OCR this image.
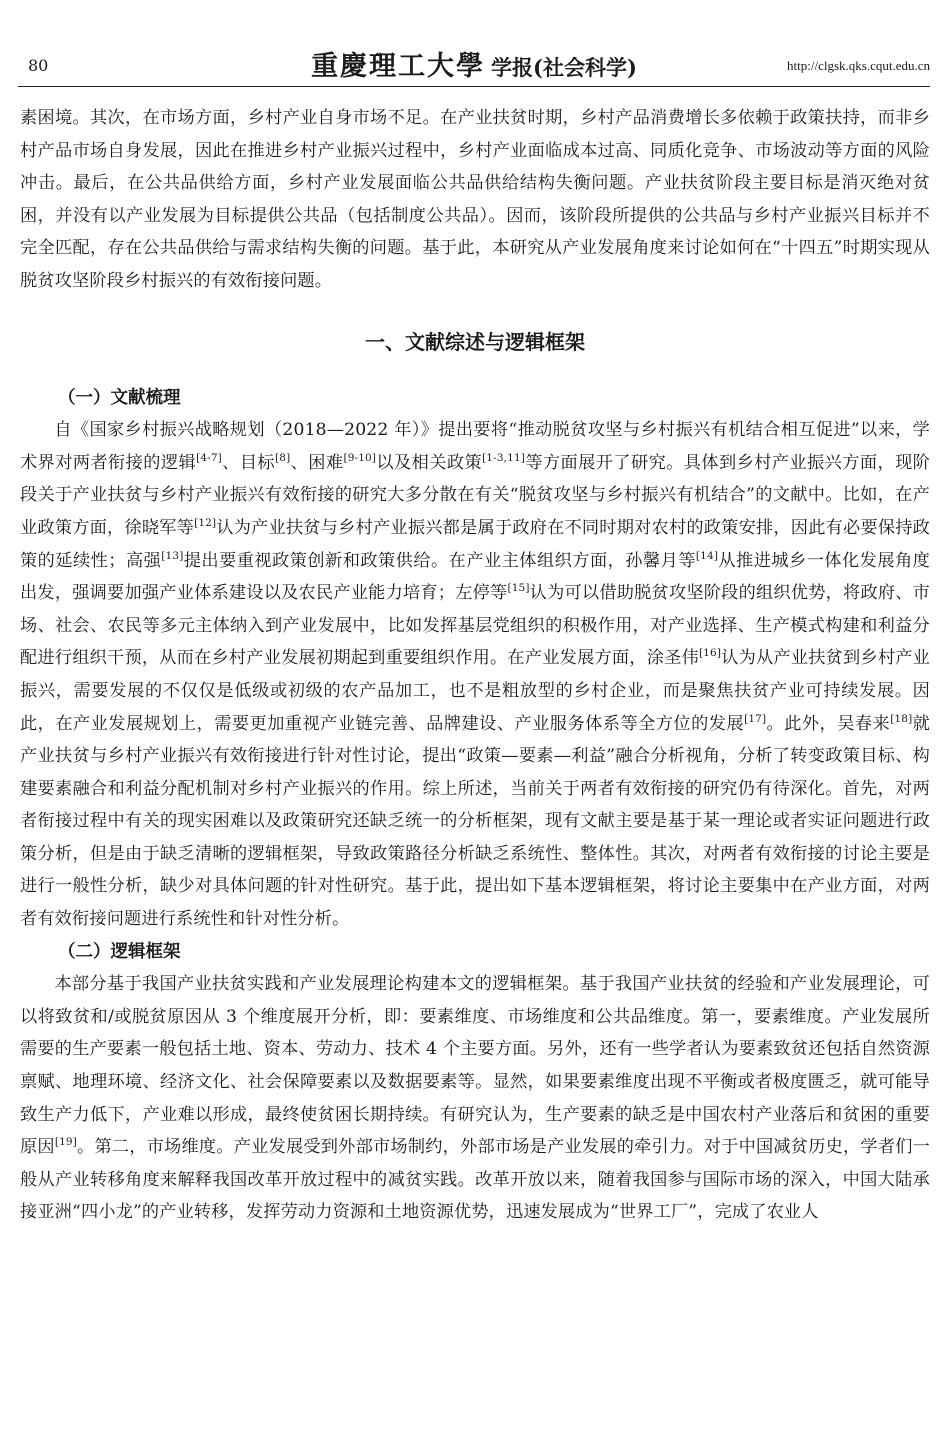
80	重慶理工大學 学报(社会科学)	http://clgsk.qks.cqut.edu.cn

素困境。其次，在市场方面，乡村产业自身市场不足。在产业扶贫时期，乡村产品消费增长多依赖于政策扶持，而非乡村产品市场自身发展，因此在推进乡村产业振兴过程中，乡村产业面临成本过高、同质化竞争、市场波动等方面的风险冲击。最后，在公共品供给方面，乡村产业发展面临公共品供给结构失衡问题。产业扶贫阶段主要目标是消灭绝对贫困，并没有以产业发展为目标提供公共品（包括制度公共品）。因而，该阶段所提供的公共品与乡村产业振兴目标并不完全匹配，存在公共品供给与需求结构失衡的问题。基于此，本研究从产业发展角度来讨论如何在“十四五”时期实现从脱贫攻坚阶段乡村振兴的有效衔接问题。

一、文献综述与逻辑框架
（一）文献梳理

自《国家乡村振兴战略规划（2018—2022 年）》提出要将“推动脱贫攻坚与乡村振兴有机结合相互促进”以来，学术界对两者衔接的逻辑[4-7]、目标[8]、困难[9-10]以及相关政策[1-3,11]等方面展开了研究。具体到乡村产业振兴方面，现阶段关于产业扶贫与乡村产业振兴有效衔接的研究大多分散在有关“脱贫攻坚与乡村振兴有机结合”的文献中。比如，在产业政策方面，徐晓军等[12]认为产业扶贫与乡村产业振兴都是属于政府在不同时期对农村的政策安排，因此有必要保持政策的延续性；高强[13]提出要重视政策创新和政策供给。在产业主体组织方面，孙馨月等[14]从推进城乡一体化发展角度出发，强调要加强产业体系建设以及农民产业能力培育；左停等[15]认为可以借助脱贫攻坚阶段的组织优势，将政府、市场、社会、农民等多元主体纳入到产业发展中，比如发挥基层党组织的积极作用，对产业选择、生产模式构建和利益分配进行组织干预，从而在乡村产业发展初期起到重要组织作用。在产业发展方面，涂圣伟[16]认为从产业扶贫到乡村产业振兴，需要发展的不仅仅是低级或初级的农产品加工，也不是粗放型的乡村企业，而是聚焦扶贫产业可持续发展。因此，在产业发展规划上，需要更加重视产业链完善、品牌建设、产业服务体系等全方位的发展[17]。此外，吴春来[18]就产业扶贫与乡村产业振兴有效衔接进行针对性讨论，提出“政策—要素—利益”融合分析视角，分析了转变政策目标、构建要素融合和利益分配机制对乡村产业振兴的作用。综上所述，当前关于两者有效衔接的研究仍有待深化。首先，对两者衔接过程中有关的现实困难以及政策研究还缺乏统一的分析框架，现有文献主要是基于某一理论或者实证问题进行政策分析，但是由于缺乏清晰的逻辑框架，导致政策路径分析缺乏系统性、整体性。其次，对两者有效衔接的讨论主要是进行一般性分析，缺少对具体问题的针对性研究。基于此，提出如下基本逻辑框架，将讨论主要集中在产业方面，对两者有效衔接问题进行系统性和针对性分析。

（二）逻辑框架

本部分基于我国产业扶贫实践和产业发展理论构建本文的逻辑框架。基于我国产业扶贫的经验和产业发展理论，可以将致贫和/或脱贫原因从 3 个维度展开分析，即：要素维度、市场维度和公共品维度。第一，要素维度。产业发展所需要的生产要素一般包括土地、资本、劳动力、技术 4 个主要方面。另外，还有一些学者认为要素致贫还包括自然资源禀赋、地理环境、经济文化、社会保障要素以及数据要素等。显然，如果要素维度出现不平衡或者极度匮乏，就可能导致生产力低下，产业难以形成，最终使贫困长期持续。有研究认为，生产要素的缺乏是中国农村产业落后和贫困的重要原因[19]。第二，市场维度。产业发展受到外部市场制约，外部市场是产业发展的牵引力。对于中国减贫历史，学者们一般从产业转移角度来解释我国改革开放过程中的减贫实践。改革开放以来，随着我国参与国际市场的深入，中国大陆承接亚洲“四小龙”的产业转移，发挥劳动力资源和土地资源优势，迅速发展成为“世界工厂”，完成了农业人
